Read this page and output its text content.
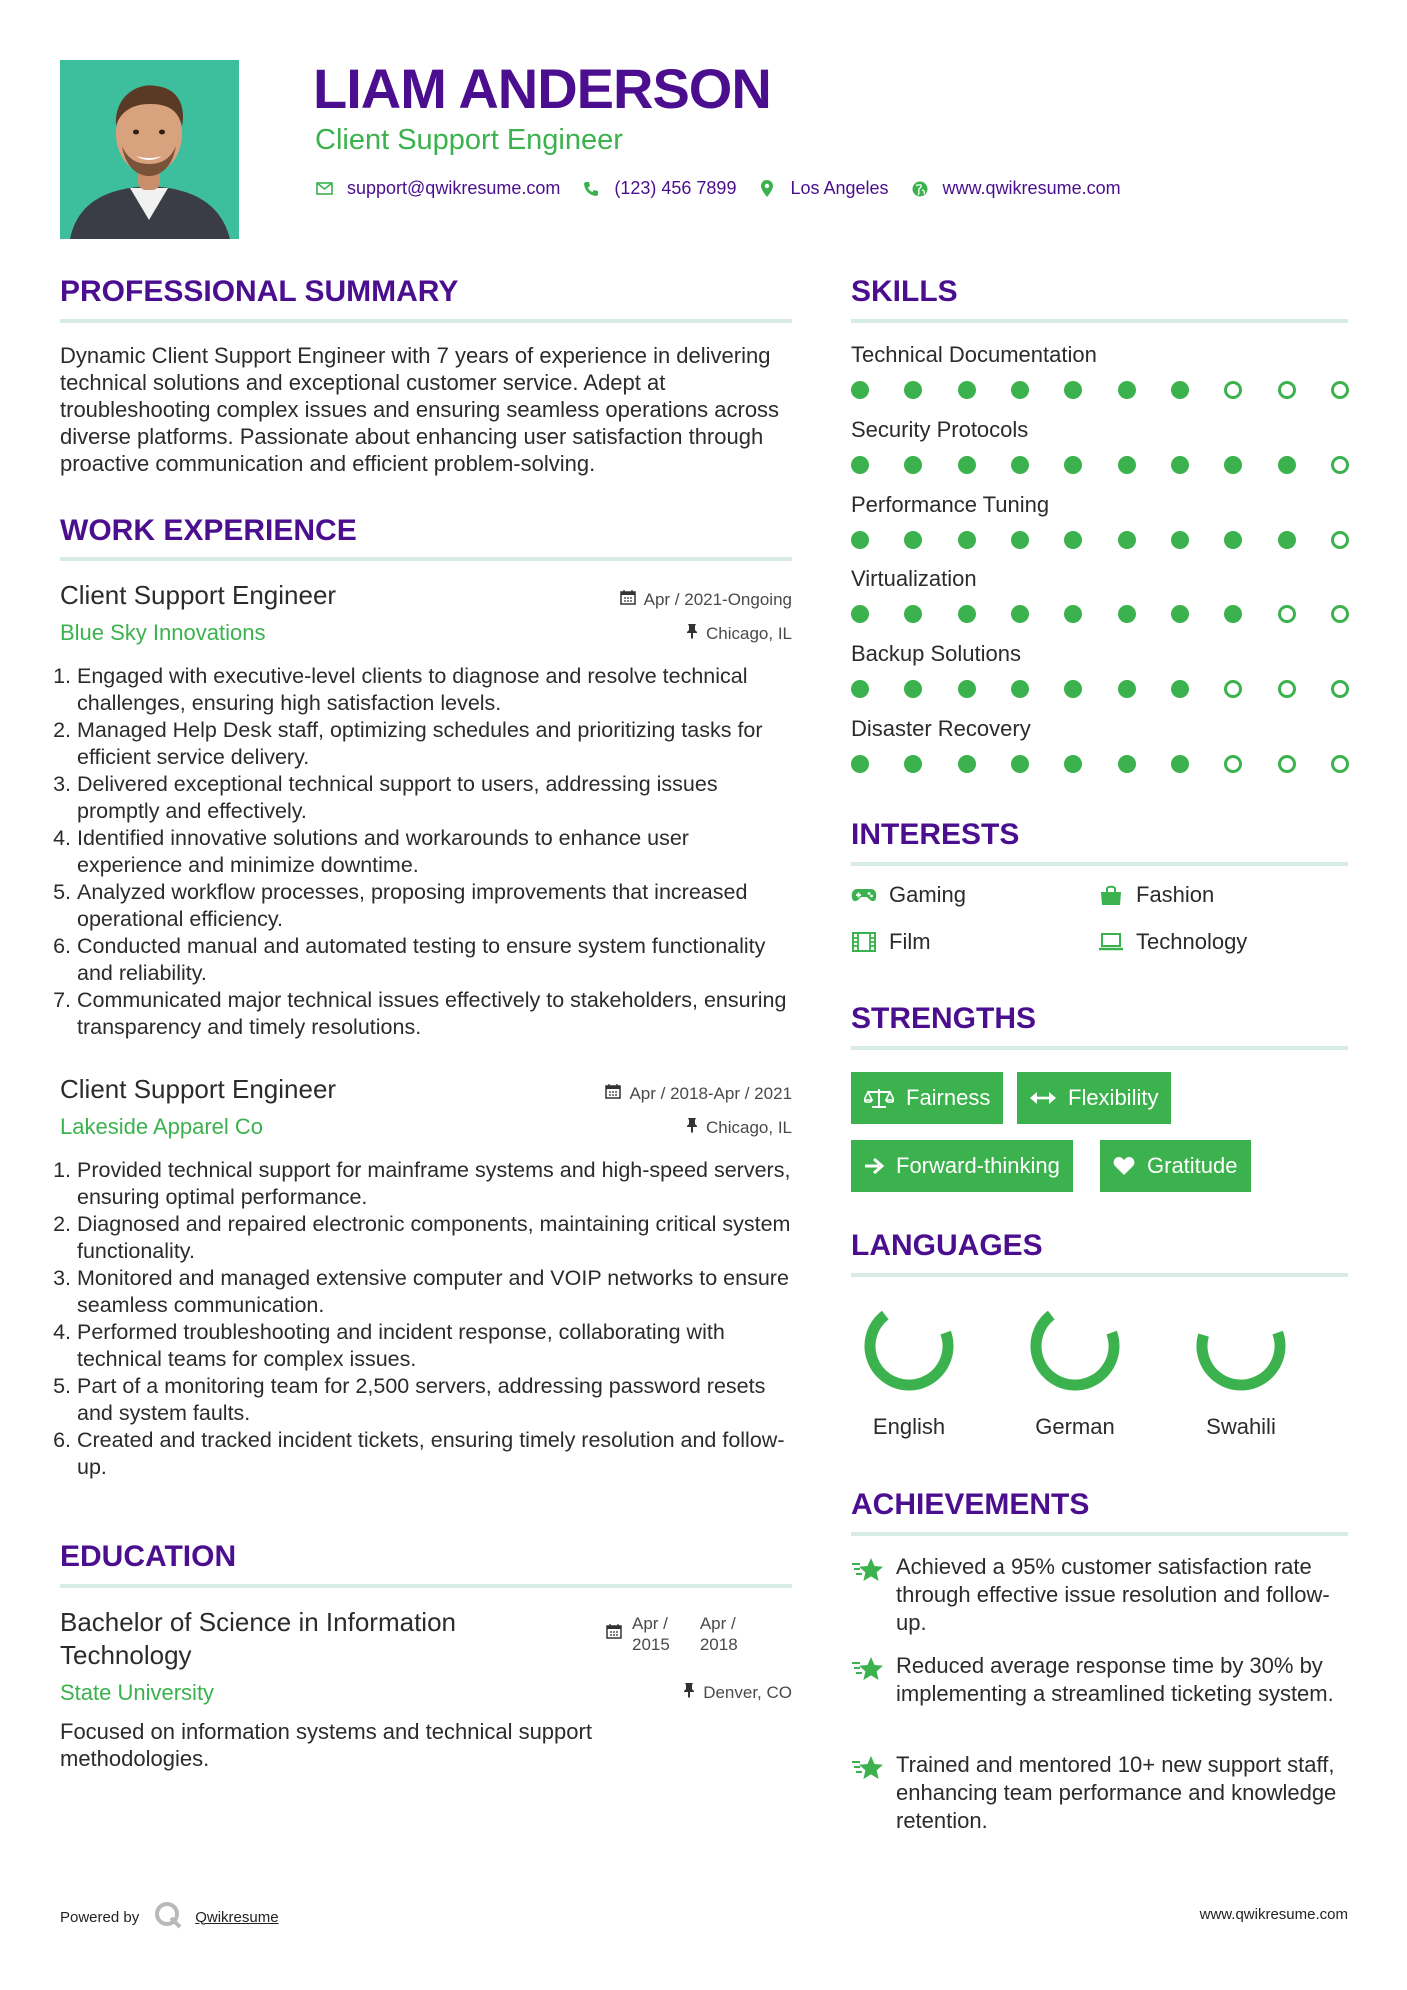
LIAM ANDERSON
Client Support Engineer
support@qwikresume.com	(123) 456 7899	Los Angeles	www.qwikresume.com
PROFESSIONAL SUMMARY
Dynamic Client Support Engineer with 7 years of experience in delivering technical solutions and exceptional customer service. Adept at troubleshooting complex issues and ensuring seamless operations across diverse platforms. Passionate about enhancing user satisfaction through proactive communication and efficient problem-solving.
WORK EXPERIENCE
Client Support Engineer
Blue Sky Innovations
Apr / 2021-Ongoing
Chicago, IL
1. Engaged with executive-level clients to diagnose and resolve technical challenges, ensuring high satisfaction levels.
2. Managed Help Desk staff, optimizing schedules and prioritizing tasks for efficient service delivery.
3. Delivered exceptional technical support to users, addressing issues promptly and effectively.
4. Identified innovative solutions and workarounds to enhance user experience and minimize downtime.
5. Analyzed workflow processes, proposing improvements that increased operational efficiency.
6. Conducted manual and automated testing to ensure system functionality and reliability.
7. Communicated major technical issues effectively to stakeholders, ensuring transparency and timely resolutions.
Client Support Engineer
Lakeside Apparel Co
Apr / 2018-Apr / 2021
Chicago, IL
1. Provided technical support for mainframe systems and high-speed servers, ensuring optimal performance.
2. Diagnosed and repaired electronic components, maintaining critical system functionality.
3. Monitored and managed extensive computer and VOIP networks to ensure seamless communication.
4. Performed troubleshooting and incident response, collaborating with technical teams for complex issues.
5. Part of a monitoring team for 2,500 servers, addressing password resets and system faults.
6. Created and tracked incident tickets, ensuring timely resolution and follow-up.
EDUCATION
Bachelor of Science in Information
Technology
State University
Apr /
2015
Apr /
2018
Denver, CO
Focused on information systems and technical support methodologies.
SKILLS
Technical Documentation
Security Protocols
Performance Tuning
Virtualization
Backup Solutions
Disaster Recovery
INTERESTS
Gaming	Fashion
Film	Technology
STRENGTHS
Fairness	Flexibility
Forward-thinking	Gratitude
LANGUAGES
English	German	Swahili
ACHIEVEMENTS
Achieved a 95% customer satisfaction rate through effective issue resolution and follow-up.
Reduced average response time by 30% by implementing a streamlined ticketing system.
Trained and mentored 10+ new support staff, enhancing team performance and knowledge retention.
Powered by	Qwikresume	www.qwikresume.com
